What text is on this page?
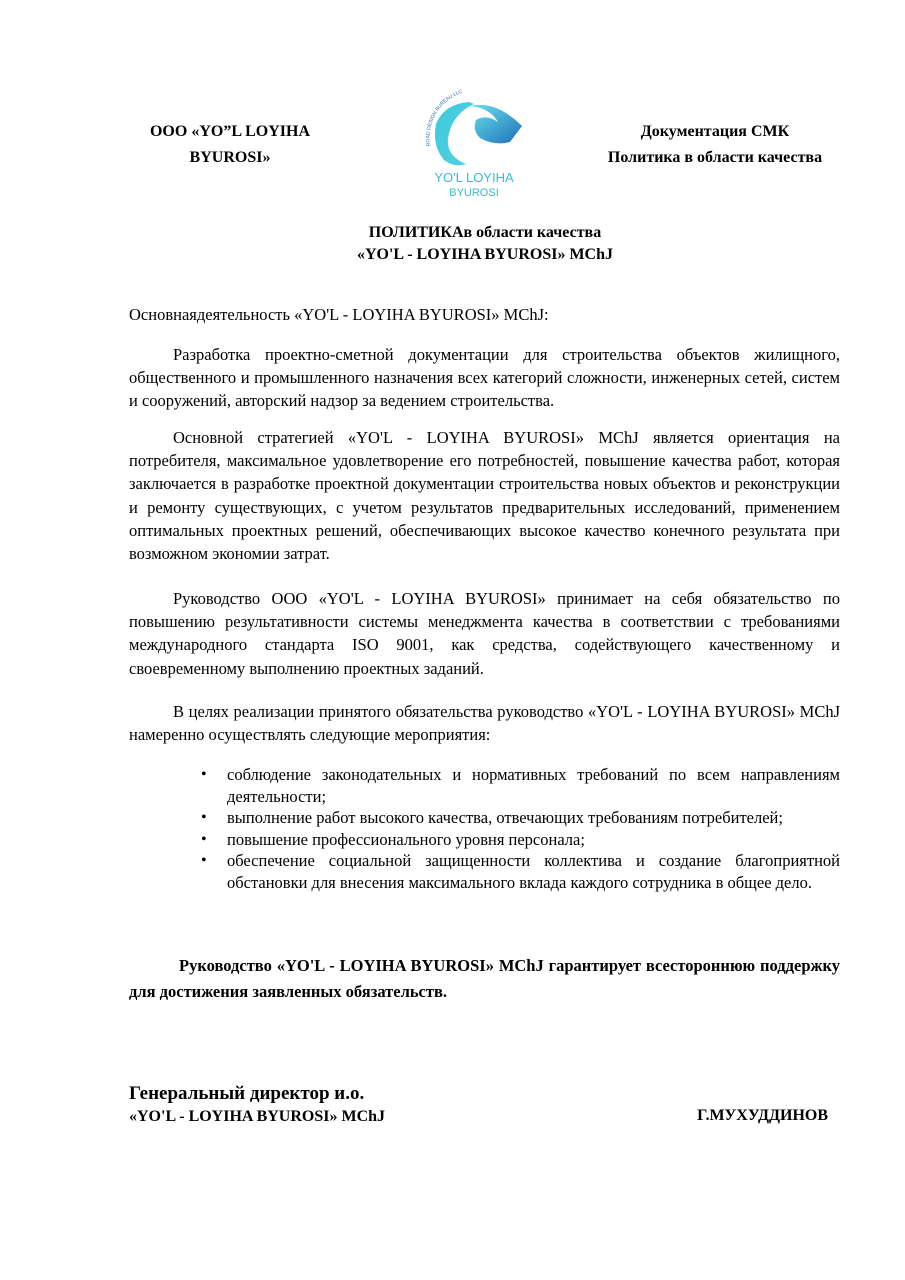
ООО «YO”L LOYIHA
BYUROSI»
ROAD DESIGN BUREAU LLC
YO'L LOYIHA
BYUROSI
Документация СМК
Политика в области качества
ПОЛИТИКАв области качества
«YO'L - LOYIHA BYUROSI» MChJ

Основнаядеятельность «YO'L - LOYIHA BYUROSI» MChJ:

Разработка проектно-сметной документации для строительства объектов жилищного, общественного и промышленного назначения всех категорий сложности, инженерных сетей, систем и сооружений, авторский надзор за ведением строительства.

Основной стратегией «YO'L - LOYIHA BYUROSI» MChJ является ориентация на потребителя, максимальное удовлетворение его потребностей, повышение качества работ, которая заключается в разработке проектной документации строительства новых объектов и реконструкции и ремонту существующих, с учетом результатов предварительных исследований, применением оптимальных проектных решений, обеспечивающих высокое качество конечного результата при возможном экономии затрат.

Руководство ООО «YO'L - LOYIHA BYUROSI» принимает на себя обязательство по повышению результативности системы менеджмента качества в соответствии с требованиями международного стандарта ISO 9001, как средства, содействующего качественному и своевременному выполнению проектных заданий.

В целях реализации принятого обязательства руководство «YO'L - LOYIHA BYUROSI» MChJ намеренно осуществлять следующие мероприятия:

• соблюдение законодательных и нормативных требований по всем направлениям деятельности;
• выполнение работ высокого качества, отвечающих требованиям потребителей;
• повышение профессионального уровня персонала;
• обеспечение социальной защищенности коллектива и создание благоприятной обстановки для внесения максимального вклада каждого сотрудника в общее дело.

Руководство «YO'L - LOYIHA BYUROSI» MChJ гарантирует всестороннюю поддержку для достижения заявленных обязательств.

Генеральный директор и.о.
«YO'L - LOYIHA BYUROSI» MChJ	Г.МУХУДДИНОВ
